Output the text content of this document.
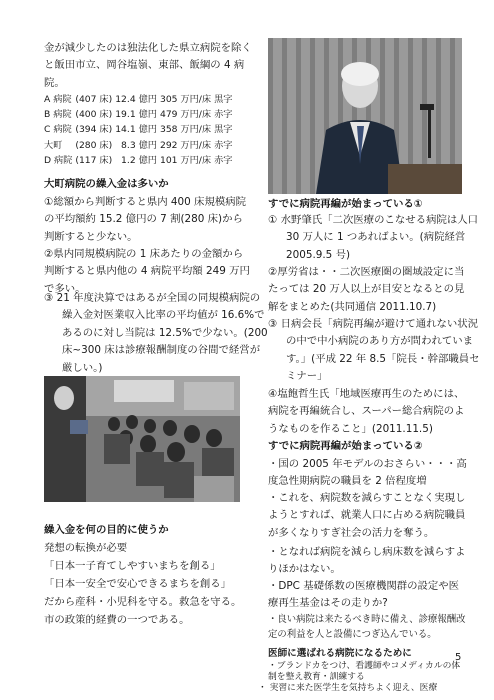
金が減少したのは独法化した県立病院を除く と飯田市立、岡谷塩嶺、東部、飯綱の 4 病院。

A 病院	(407 床)	12.4 億円	305 万円/床	黒字
B 病院	(400 床)	19.1 億円	479 万円/床	赤字
C 病院	(394 床)	14.1 億円	358 万円/床	黒字
大町	(280 床)	8.3 億円	292 万円/床	赤字
D 病院	(117 床)	1.2 億円	101 万円/床	赤字

大町病院の繰入金は多いか

①総額から判断すると県内 400 床規模病院の平均額約 15.2 億円の 7 割(280 床)から判断すると少ない。

②県内同規模病院の 1 床あたりの金額から判断すると県内他の 4 病院平均額 249 万円で多い。

③ 21 年度決算ではあるが全国の同規模病院の繰入金対医業収入比率の平均値が 16.6%であるのに対し当院は 12.5%で少ない。(200 床~300 床は診療報酬制度の谷間で経営が厳しい。)

繰入金を何の目的に使うか

発想の転換が必要

「日本一子育てしやすいまちを創る」

「日本一安全で安心できるまちを創る」

だから産科・小児科を守る。救急を守る。

市の政策的経費の一つである。

すでに病院再編が始まっている①

① 水野肇氏「二次医療のこなせる病院は人口 30 万人に 1 つあればよい。(病院経営 2005.9.5 号)

②厚労省は・・二次医療圏の圏域設定に当たっては 20 万人以上が目安となるとの見解をまとめた(共同通信 2011.10.7)

③ 日病会長「病院再編が避けて通れない状況の中で中小病院のあり方が問われています。」(平成 22 年 8.5「院長・幹部職員セミナー」

④塩飽哲生氏「地域医療再生のためには、病院を再編統合し、スーパー総合病院のようなものを作ること」(2011.11.5)

すでに病院再編が始まっている②

・国の 2005 年モデルのおさらい・・・高度急性期病院の職員を 2 倍程度増

・これを、病院数を減らすことなく実現しようとすれば、就業人口に占める病院職員が多くなりすぎ社会の活力を奪う。

・となれば病院を減らし病床数を減らすよりほかはない。

・DPC 基礎係数の医療機関群の設定や医療再生基金はその走りか?

・良い病院は来たるべき時に備え、診療報酬改定の利益を人と設備につぎ込んでいる。

医師に選ばれる病院になるために

・ブランドカをつけ、看護師やコメディカルの体制を整え教育・訓練する

・ 実習に来た医学生を気持ちよく迎え、医療

5
